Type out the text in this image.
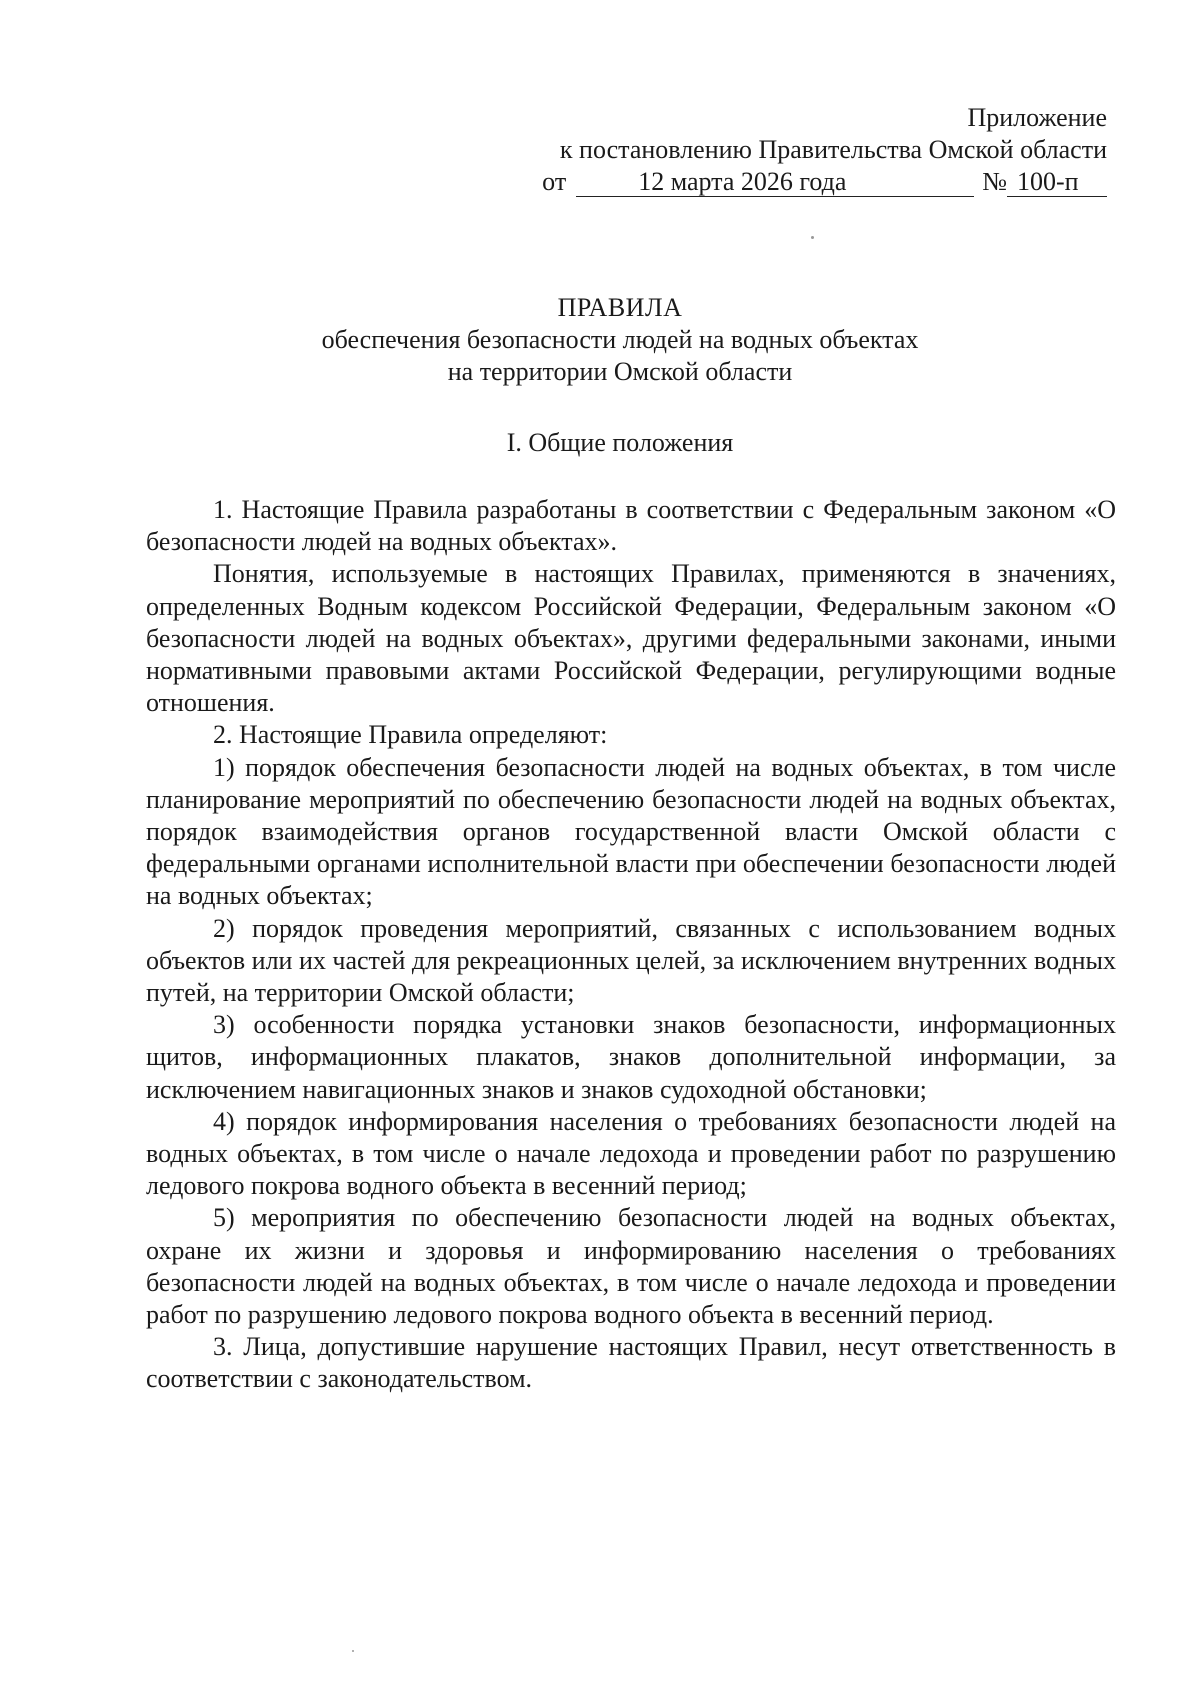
Приложение
к постановлению Правительства Омской области
от	12 марта 2026 года	№ 100-п
ПРАВИЛА
обеспечения безопасности людей на водных объектах
на территории Омской области
I. Общие положения

1. Настоящие Правила разработаны в соответствии с Федеральным законом «О безопасности людей на водных объектах».

Понятия, используемые в настоящих Правилах, применяются в значениях, определенных Водным кодексом Российской Федерации, Федеральным законом «О безопасности людей на водных объектах», другими федеральными законами, иными нормативными правовыми актами Российской Федерации, регулирующими водные отношения.

2. Настоящие Правила определяют:

1) порядок обеспечения безопасности людей на водных объектах, в том числе планирование мероприятий по обеспечению безопасности людей на водных объектах, порядок взаимодействия органов государственной власти Омской области с федеральными органами исполнительной власти при обеспечении безопасности людей на водных объектах;

2) порядок проведения мероприятий, связанных с использованием водных объектов или их частей для рекреационных целей, за исключением внутренних водных путей, на территории Омской области;

3) особенности порядка установки знаков безопасности, информационных щитов, информационных плакатов, знаков дополнительной информации, за исключением навигационных знаков и знаков судоходной обстановки;

4) порядок информирования населения о требованиях безопасности людей на водных объектах, в том числе о начале ледохода и проведении работ по разрушению ледового покрова водного объекта в весенний период;

5) мероприятия по обеспечению безопасности людей на водных объектах, охране их жизни и здоровья и информированию населения о требованиях безопасности людей на водных объектах, в том числе о начале ледохода и проведении работ по разрушению ледового покрова водного объекта в весенний период.

3. Лица, допустившие нарушение настоящих Правил, несут ответственность в соответствии с законодательством.
